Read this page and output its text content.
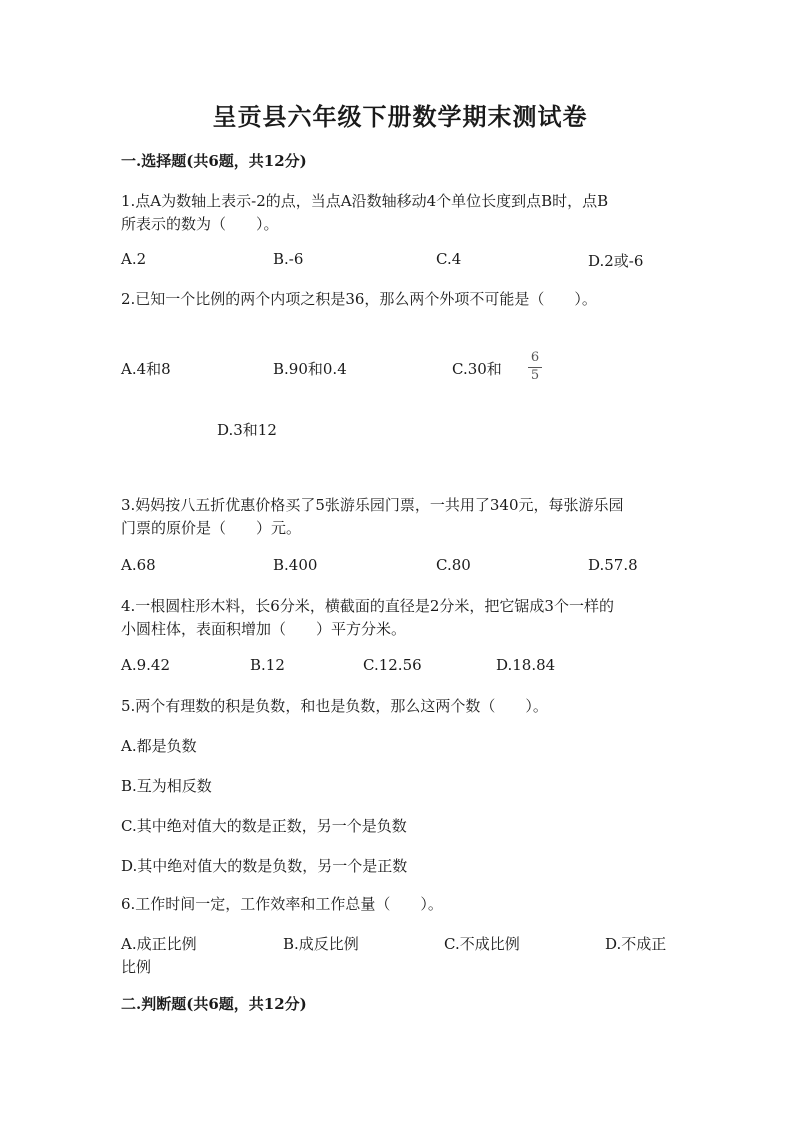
呈贡县六年级下册数学期末测试卷
一.选择题(共6题，共12分)
1.点A为数轴上表示-2的点，当点A沿数轴移动4个单位长度到点B时，点B
所表示的数为（　　）。
A.2	B.-6	C.4	D.2或-6
2.已知一个比例的两个内项之积是36，那么两个外项不可能是（　　）。
A.4和8	B.90和0.4	C.30和
6
5
D.3和12
3.妈妈按八五折优惠价格买了5张游乐园门票，一共用了340元，每张游乐园
门票的原价是（　　）元。
A.68	B.400	C.80	D.57.8
4.一根圆柱形木料，长6分米，横截面的直径是2分米，把它锯成3个一样的
小圆柱体，表面积增加（　　）平方分米。
A.9.42	B.12	C.12.56	D.18.84
5.两个有理数的积是负数，和也是负数，那么这两个数（　　）。
A.都是负数
B.互为相反数
C.其中绝对值大的数是正数，另一个是负数
D.其中绝对值大的数是负数，另一个是正数
6.工作时间一定，工作效率和工作总量（　　）。
A.成正比例	B.成反比例	C.不成比例	D.不成正
比例
二.判断题(共6题，共12分)
